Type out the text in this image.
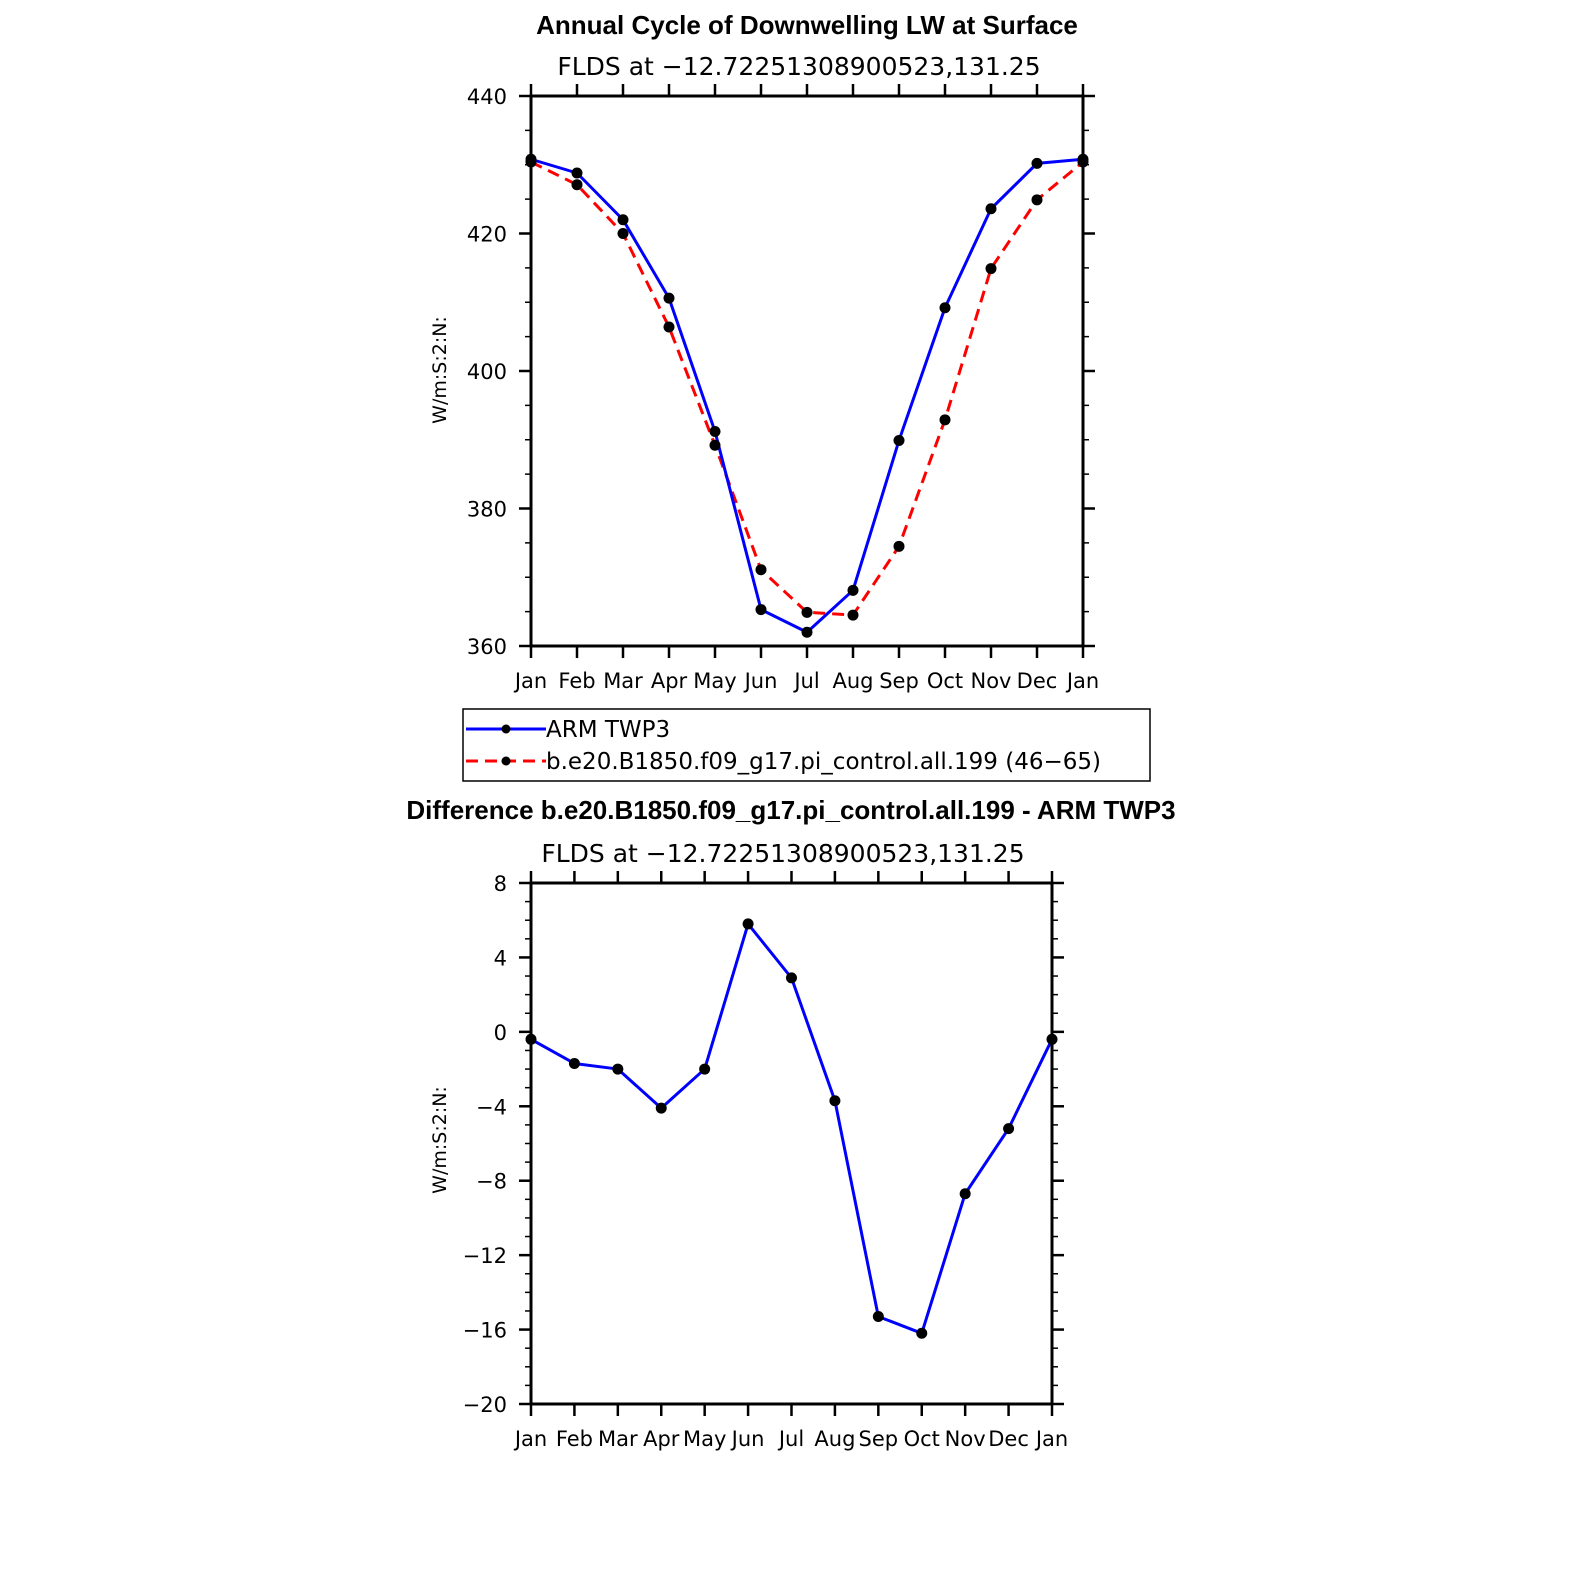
Annual Cycle of Downwelling LW at Surface
FLDS at −12.72251308900523,131.25
W/m:S:2:N:
Jan Feb Mar Apr May Jun Jul Aug Sep Oct Nov Dec Jan
440
420
400
380
360
ARM TWP3
b.e20.B1850.f09_g17.pi_control.all.199 (46−65)
Difference b.e20.B1850.f09_g17.pi_control.all.199 - ARM TWP3
FLDS at −12.72251308900523,131.25
W/m:S:2:N:
Jan Feb Mar Apr May Jun Jul Aug Sep Oct Nov Dec Jan
8
4
0
−4
−8
−12
−16
−20
